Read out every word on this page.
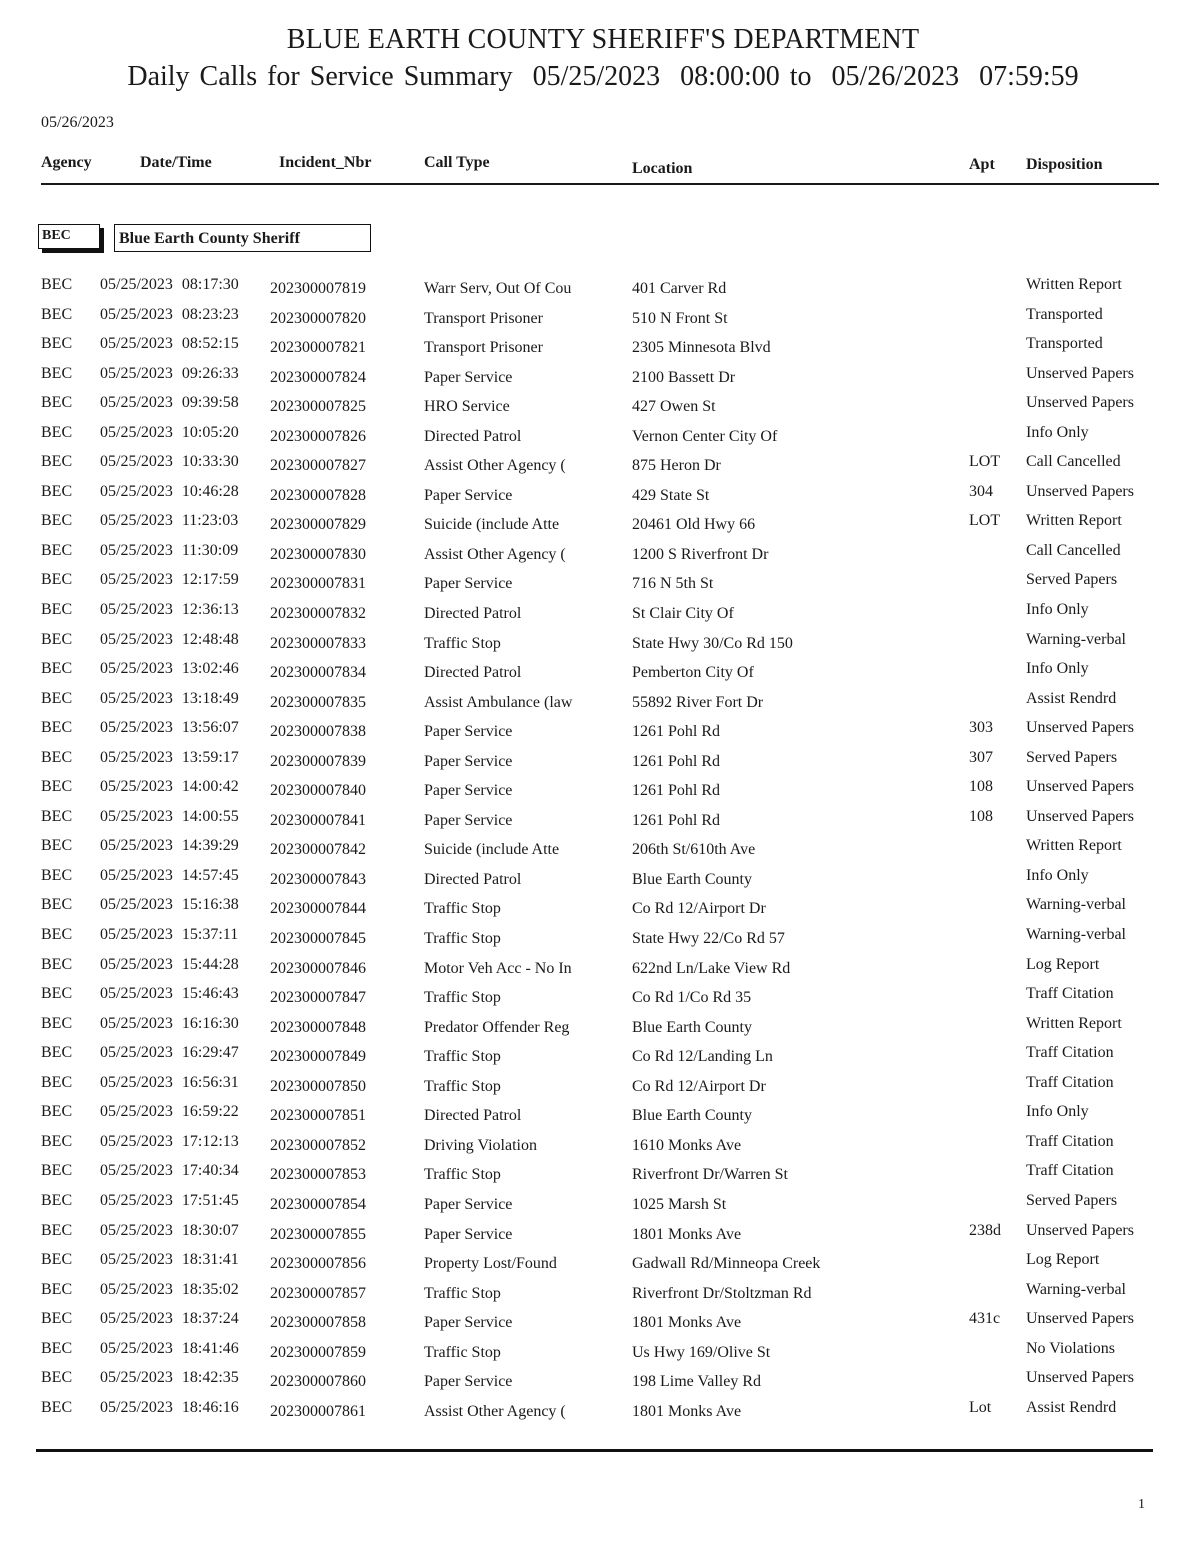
BLUE EARTH COUNTY SHERIFF'S DEPARTMENT
Daily Calls for Service Summary 05/25/2023  08:00:00 to 05/26/2023  07:59:59
05/26/2023
Agency	Date/Time	Incident_Nbr	Call Type	Location	Apt Disposition
BEC	Blue Earth County Sheriff
BEC 05/25/2023 08:17:30 202300007819	Warr Serv, Out Of Cou	401 Carver Rd	Written Report
BEC 05/25/2023 08:23:23 202300007820	Transport Prisoner	510 N Front St	Transported
BEC 05/25/2023 08:52:15 202300007821	Transport Prisoner	2305 Minnesota Blvd	Transported
BEC 05/25/2023 09:26:33 202300007824	Paper Service	2100 Bassett Dr	Unserved Papers
BEC 05/25/2023 09:39:58 202300007825	HRO Service	427 Owen St	Unserved Papers
BEC 05/25/2023 10:05:20 202300007826	Directed Patrol	Vernon Center City Of	Info Only
BEC 05/25/2023 10:33:30 202300007827	Assist Other Agency (	875 Heron Dr	LOT Call Cancelled
BEC 05/25/2023 10:46:28 202300007828	Paper Service	429 State St	304 Unserved Papers
BEC 05/25/2023 11:23:03 202300007829	Suicide (include Atte	20461 Old Hwy 66	LOT Written Report
BEC 05/25/2023 11:30:09 202300007830	Assist Other Agency (	1200 S Riverfront Dr	Call Cancelled
BEC 05/25/2023 12:17:59 202300007831	Paper Service	716 N 5th St	Served Papers
BEC 05/25/2023 12:36:13 202300007832	Directed Patrol	St Clair City Of	Info Only
BEC 05/25/2023 12:48:48 202300007833	Traffic Stop	State Hwy 30/Co Rd 150	Warning-verbal
BEC 05/25/2023 13:02:46 202300007834	Directed Patrol	Pemberton City Of	Info Only
BEC 05/25/2023 13:18:49 202300007835	Assist Ambulance (law	55892 River Fort Dr	Assist Rendrd
BEC 05/25/2023 13:56:07 202300007838	Paper Service	1261 Pohl Rd	303 Unserved Papers
BEC 05/25/2023 13:59:17 202300007839	Paper Service	1261 Pohl Rd	307 Served Papers
BEC 05/25/2023 14:00:42 202300007840	Paper Service	1261 Pohl Rd	108 Unserved Papers
BEC 05/25/2023 14:00:55 202300007841	Paper Service	1261 Pohl Rd	108 Unserved Papers
BEC 05/25/2023 14:39:29 202300007842	Suicide (include Atte	206th St/610th Ave	Written Report
BEC 05/25/2023 14:57:45 202300007843	Directed Patrol	Blue Earth County	Info Only
BEC 05/25/2023 15:16:38 202300007844	Traffic Stop	Co Rd 12/Airport Dr	Warning-verbal
BEC 05/25/2023 15:37:11 202300007845	Traffic Stop	State Hwy 22/Co Rd 57	Warning-verbal
BEC 05/25/2023 15:44:28 202300007846	Motor Veh Acc - No In	622nd Ln/Lake View Rd	Log Report
BEC 05/25/2023 15:46:43 202300007847	Traffic Stop	Co Rd 1/Co Rd 35	Traff Citation
BEC 05/25/2023 16:16:30 202300007848	Predator Offender Reg	Blue Earth County	Written Report
BEC 05/25/2023 16:29:47 202300007849	Traffic Stop	Co Rd 12/Landing Ln	Traff Citation
BEC 05/25/2023 16:56:31 202300007850	Traffic Stop	Co Rd 12/Airport Dr	Traff Citation
BEC 05/25/2023 16:59:22 202300007851	Directed Patrol	Blue Earth County	Info Only
BEC 05/25/2023 17:12:13 202300007852	Driving Violation	1610 Monks Ave	Traff Citation
BEC 05/25/2023 17:40:34 202300007853	Traffic Stop	Riverfront Dr/Warren St	Traff Citation
BEC 05/25/2023 17:51:45 202300007854	Paper Service	1025 Marsh St	Served Papers
BEC 05/25/2023 18:30:07 202300007855	Paper Service	1801 Monks Ave	238d Unserved Papers
BEC 05/25/2023 18:31:41 202300007856	Property Lost/Found	Gadwall Rd/Minneopa Creek	Log Report
BEC 05/25/2023 18:35:02 202300007857	Traffic Stop	Riverfront Dr/Stoltzman Rd	Warning-verbal
BEC 05/25/2023 18:37:24 202300007858	Paper Service	1801 Monks Ave	431c Unserved Papers
BEC 05/25/2023 18:41:46 202300007859	Traffic Stop	Us Hwy 169/Olive St	No Violations
BEC 05/25/2023 18:42:35 202300007860	Paper Service	198 Lime Valley Rd	Unserved Papers
BEC 05/25/2023 18:46:16 202300007861	Assist Other Agency (	1801 Monks Ave	Lot Assist Rendrd
1
